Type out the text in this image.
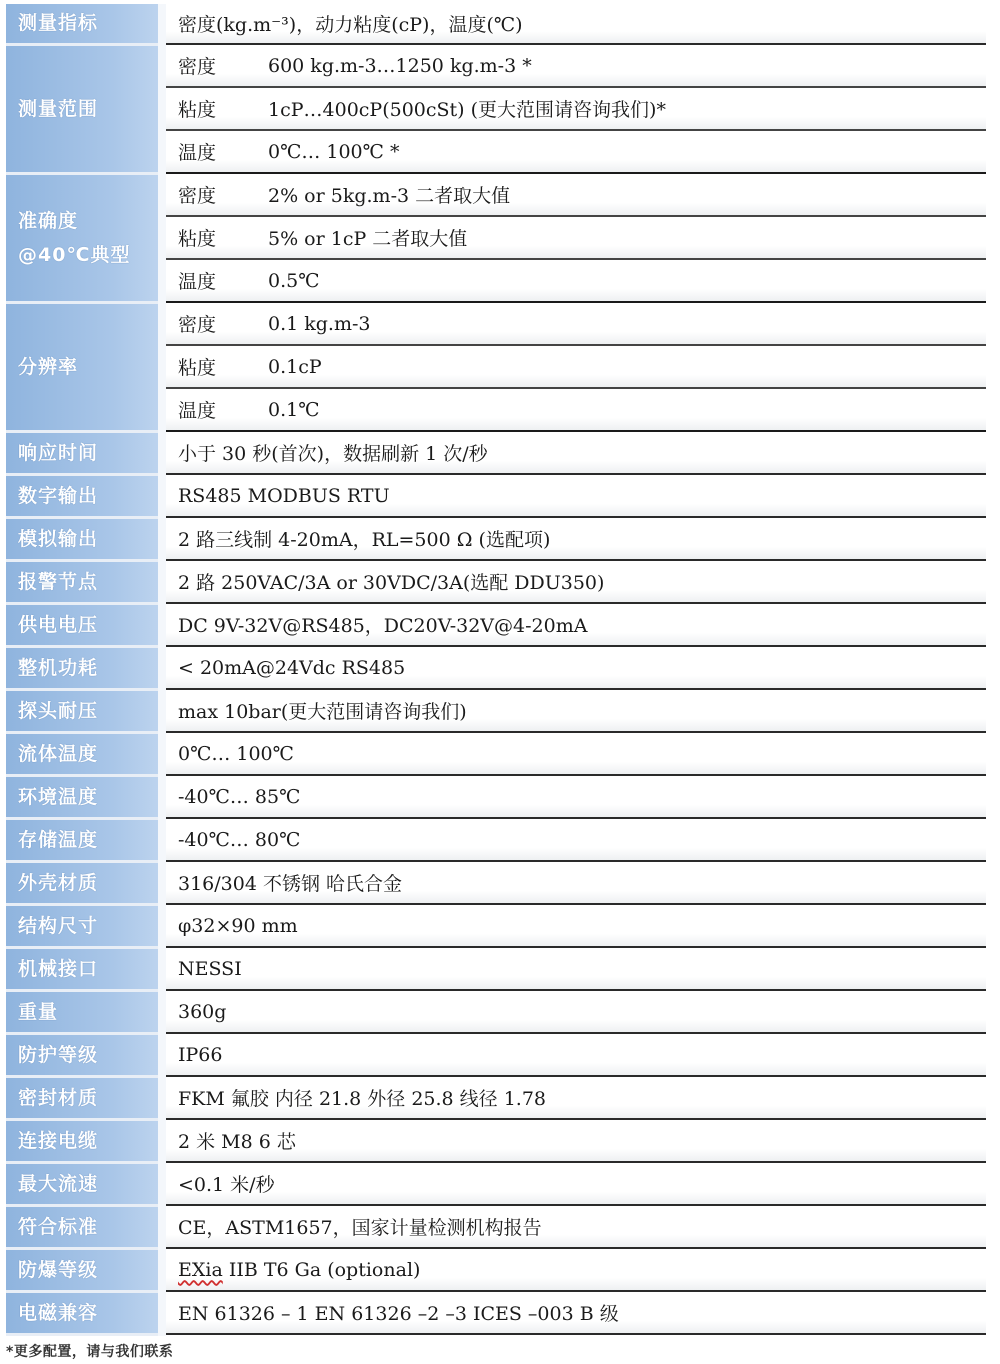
测量指标	密度(kg.m⁻³)，动力粘度(cP)，温度(℃)	
测量范围	密度	600 kg.m-3…1250 kg.m-3 *
	粘度	1cP…400cP(500cSt) (更大范围请咨询我们)*
	温度	0℃… 100℃ *

准确度
@40℃典型	密度	2% or 5kg.m-3 二者取大值
	粘度	5% or 1cP 二者取大值
	温度	0.5℃
分辨率	密度	0.1 kg.m-3
	粘度	0.1cP
	温度	0.1℃
响应时间	小于 30 秒(首次)，数据刷新 1 次/秒	
数字输出	RS485 MODBUS RTU	
模拟输出	2 路三线制 4-20mA，RL=500 Ω (选配项)	
报警节点	2 路 250VAC/3A or 30VDC/3A(选配 DDU350)	
供电电压	DC 9V-32V@RS485，DC20V-32V@4-20mA	
整机功耗	< 20mA@24Vdc RS485	
探头耐压	max 10bar(更大范围请咨询我们)	
流体温度	0℃… 100℃	
环境温度	-40℃… 85℃	
存储温度	-40℃… 80℃	
外壳材质	316/304 不锈钢 哈氏合金	
结构尺寸	φ32×90 mm	
机械接口	NESSI	
重量	360g	
防护等级	IP66	
密封材质	FKM 氟胶 内径 21.8 外径 25.8 线径 1.78	
连接电缆	2 米 M8 6 芯	
最大流速	<0.1 米/秒	
符合标准	CE，ASTM1657，国家计量检测机构报告	
防爆等级	EXia IIB T6 Ga (optional)	
电磁兼容	EN 61326 – 1 EN 61326 –2 –3 ICES –003 B 级	
*更多配置，请与我们联系
